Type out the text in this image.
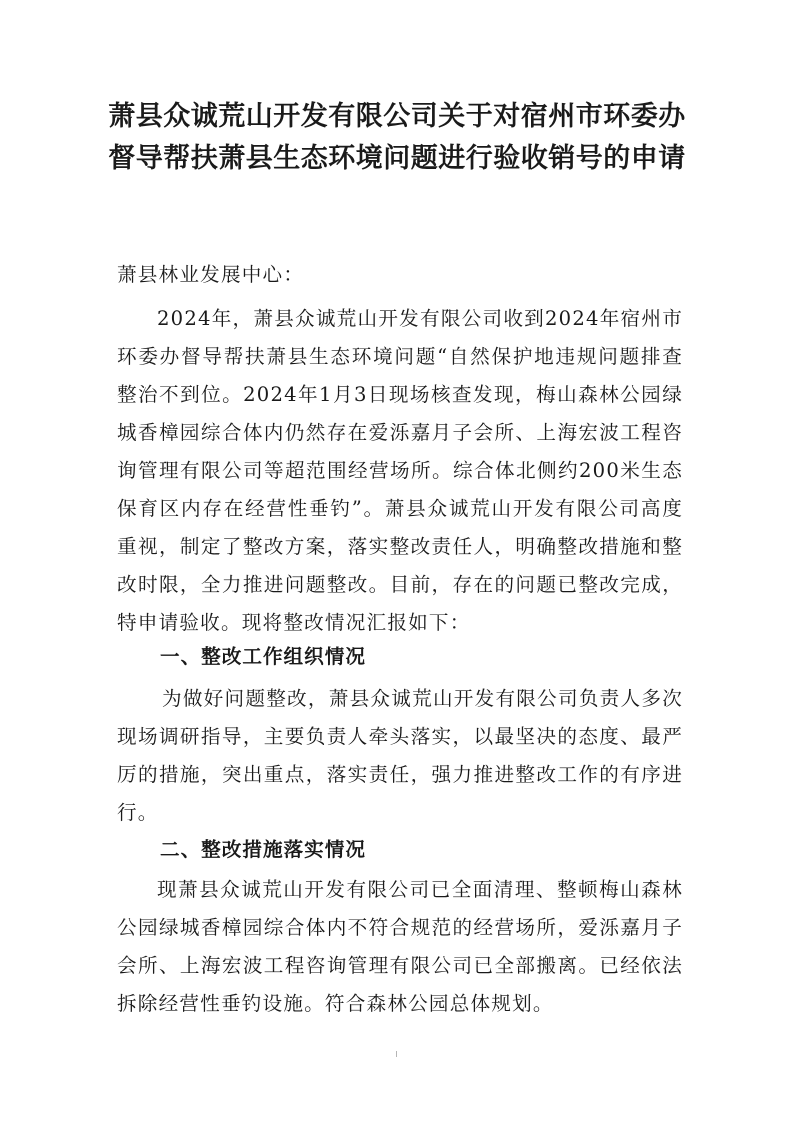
萧县众诚荒山开发有限公司关于对宿州市环委办督导帮扶萧县生态环境问题进行验收销号的申请

萧县林业发展中心：

2024年，萧县众诚荒山开发有限公司收到2024年宿州市环委办督导帮扶萧县生态环境问题“自然保护地违规问题排查整治不到位。2024年1月3日现场核查发现，梅山森林公园绿城香樟园综合体内仍然存在爱泺嘉月子会所、上海宏波工程咨询管理有限公司等超范围经营场所。综合体北侧约200米生态保育区内存在经营性垂钓”。萧县众诚荒山开发有限公司高度重视，制定了整改方案，落实整改责任人，明确整改措施和整改时限，全力推进问题整改。目前，存在的问题已整改完成，特申请验收。现将整改情况汇报如下：

一、整改工作组织情况

为做好问题整改，萧县众诚荒山开发有限公司负责人多次现场调研指导，主要负责人牵头落实，以最坚决的态度、最严厉的措施，突出重点，落实责任，强力推进整改工作的有序进行。

二、整改措施落实情况

现萧县众诚荒山开发有限公司已全面清理、整顿梅山森林公园绿城香樟园综合体内不符合规范的经营场所，爱泺嘉月子会所、上海宏波工程咨询管理有限公司已全部搬离。已经依法拆除经营性垂钓设施。符合森林公园总体规划。
